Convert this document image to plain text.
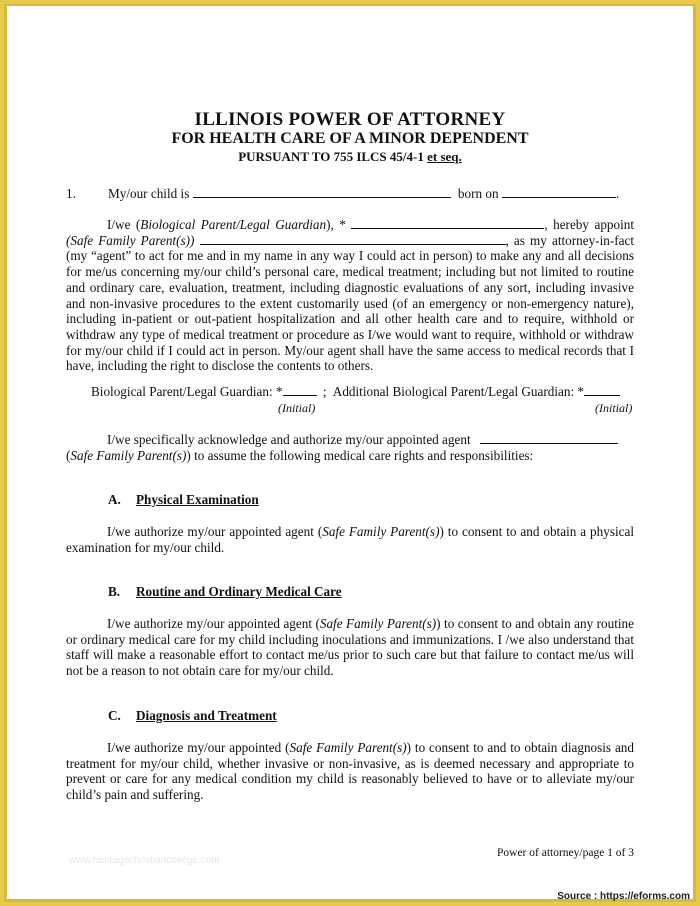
ILLINOIS POWER OF ATTORNEY
FOR HEALTH CARE OF A MINOR DEPENDENT
PURSUANT TO 755 ILCS 45/4-1 et seq.
1. My/our child is	born on	.

I/we (Biological Parent/Legal Guardian), *	, hereby appoint (Safe Family Parent(s))	, as my attorney-in-fact (my “agent” to act for me and in my name in any way I could act in person) to make any and all decisions for me/us concerning my/our child’s personal care, medical treatment; including but not limited to routine and ordinary care, evaluation, treatment, including diagnostic evaluations of any sort, including invasive and non-invasive procedures to the extent customarily used (of an emergency or non-emergency nature), including in-patient or out-patient hospitalization and all other health care and to require, withhold or withdraw any type of medical treatment or procedure as I/we would want to require, withhold or withdraw for my/our child if I could act in person. My/our agent shall have the same access to medical records that I have, including the right to disclose the contents to others.

Biological Parent/Legal Guardian: *	; Additional Biological Parent/Legal Guardian: *
(Initial)	(Initial)
I/we specifically acknowledge and authorize my/our appointed agent
(Safe Family Parent(s)) to assume the following medical care rights and responsibilities:
A. Physical Examination

I/we authorize my/our appointed agent (Safe Family Parent(s)) to consent to and obtain a physical examination for my/our child.

B. Routine and Ordinary Medical Care

I/we authorize my/our appointed agent (Safe Family Parent(s)) to consent to and obtain any routine or ordinary medical care for my child including inoculations and immunizations. I /we also understand that staff will make a reasonable effort to contact me/us prior to such care but that failure to contact me/us will not be a reason to not obtain care for my/our child.

C. Diagnosis and Treatment

I/we authorize my/our appointed (Safe Family Parent(s)) to consent to and to obtain diagnosis and treatment for my/our child, whether invasive or non-invasive, as is deemed necessary and appropriate to prevent or care for any medical condition my child is reasonably believed to have or to alleviate my/our child’s pain and suffering.

www.heritagechristiancollege.com
Power of attorney/page 1 of 3
Source : https://eforms.com
